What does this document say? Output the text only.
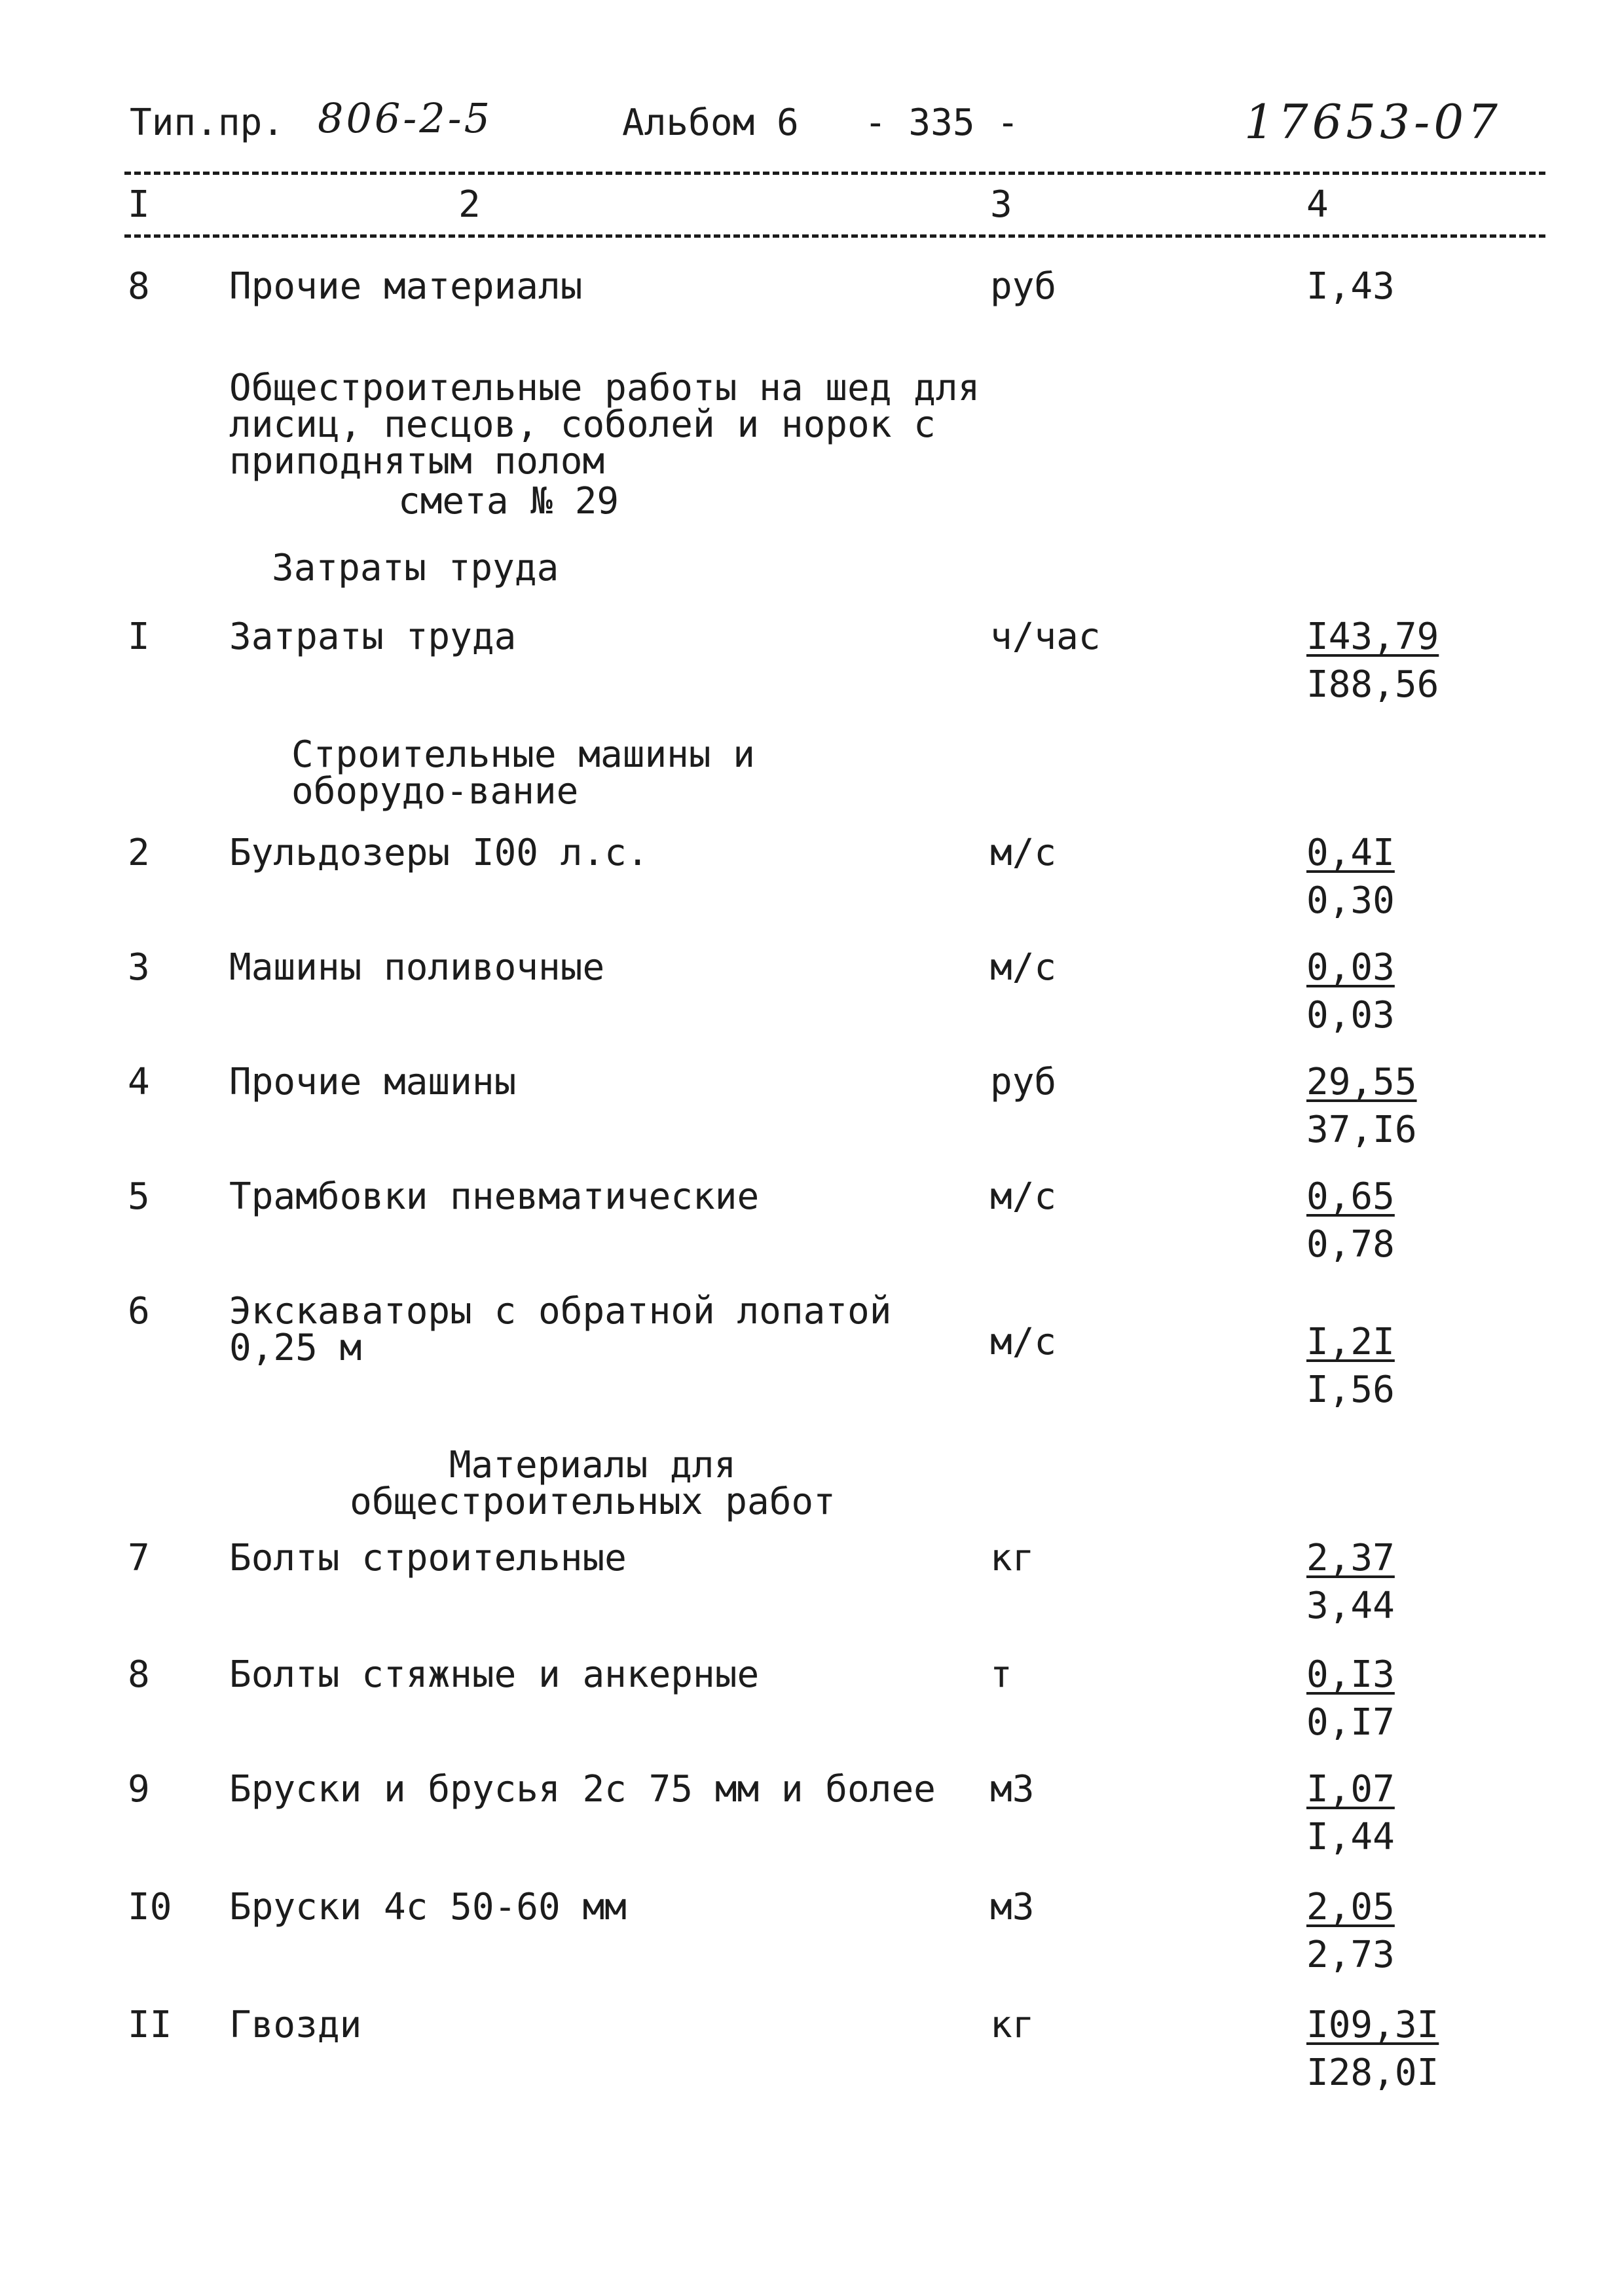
Тип.пр. 806-2-5	Альбом 6 - 335 -	17653-07
I	2	3	4
8 Прочие материалы	руб	I,43
Общестроительные работы на шед для лисиц, песцов, соболей и норок с приподнятым полом
смета № 29
Затраты труда
I Затраты труда	ч/час	I43,79
I88,56
Строительные машины и оборудо-вание
2 Бульдозеры I00 л.с.	м/с	0,4I
0,30
3 Машины поливочные	м/с	0,03
0,03
4 Прочие машины	руб	29,55
37,I6
5 Трамбовки пневматические	м/с	0,65
0,78
6 Экскаваторы с обратной лопатой 0,25 м	м/с	I,2I
I,56
Материалы для общестроительных работ
7 Болты строительные	кг	2,37
3,44
8 Болты стяжные и анкерные	т	0,I3
0,I7
9 Бруски и брусья 2с 75 мм и более м3	I,07
I,44
I0 Бруски 4с 50-60 мм	м3	2,05
2,73
II Гвозди	кг	I09,3I
I28,0I
